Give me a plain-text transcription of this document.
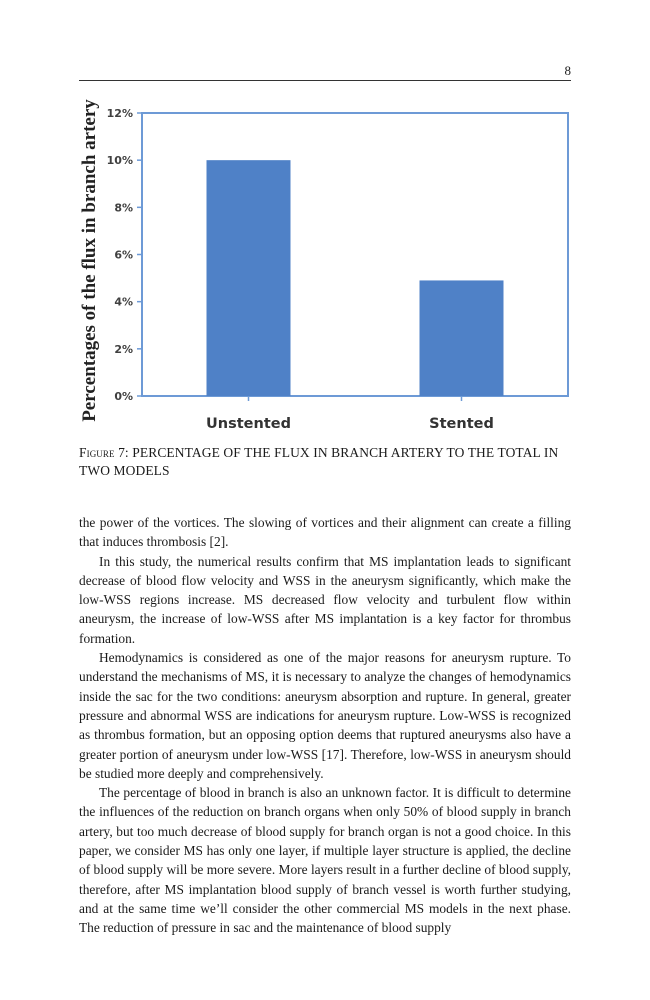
8
0%
2%
4%
6%
8%
10%
12%
Unstented	Stented
Percentages of the flux in branch artery
Figure 7: PERCENTAGE OF THE FLUX IN BRANCH ARTERY TO THE TOTAL IN TWO MODELS

the power of the vortices. The slowing of vortices and their alignment can create a filling that induces thrombosis [2].

In this study, the numerical results confirm that MS implantation leads to significant decrease of blood flow velocity and WSS in the aneurysm significantly, which make the low-WSS regions increase. MS decreased flow velocity and turbulent flow within aneurysm, the increase of low-WSS after MS implantation is a key factor for thrombus formation.

Hemodynamics is considered as one of the major reasons for aneurysm rupture. To understand the mechanisms of MS, it is necessary to analyze the changes of hemodynamics inside the sac for the two conditions: aneurysm absorption and rupture. In general, greater pressure and abnormal WSS are indications for aneurysm rupture. Low-WSS is recognized as thrombus formation, but an opposing option deems that ruptured aneurysms also have a greater portion of aneurysm under low-WSS [17]. Therefore, low-WSS in aneurysm should be studied more deeply and comprehensively.

The percentage of blood in branch is also an unknown factor. It is difficult to determine the influences of the reduction on branch organs when only 50% of blood supply in branch artery, but too much decrease of blood supply for branch organ is not a good choice. In this paper, we consider MS has only one layer, if multiple layer structure is applied, the decline of blood supply will be more severe. More layers result in a further decline of blood supply, therefore, after MS implantation blood supply of branch vessel is worth further studying, and at the same time we’ll consider the other commercial MS models in the next phase. The reduction of pressure in sac and the maintenance of blood supply
